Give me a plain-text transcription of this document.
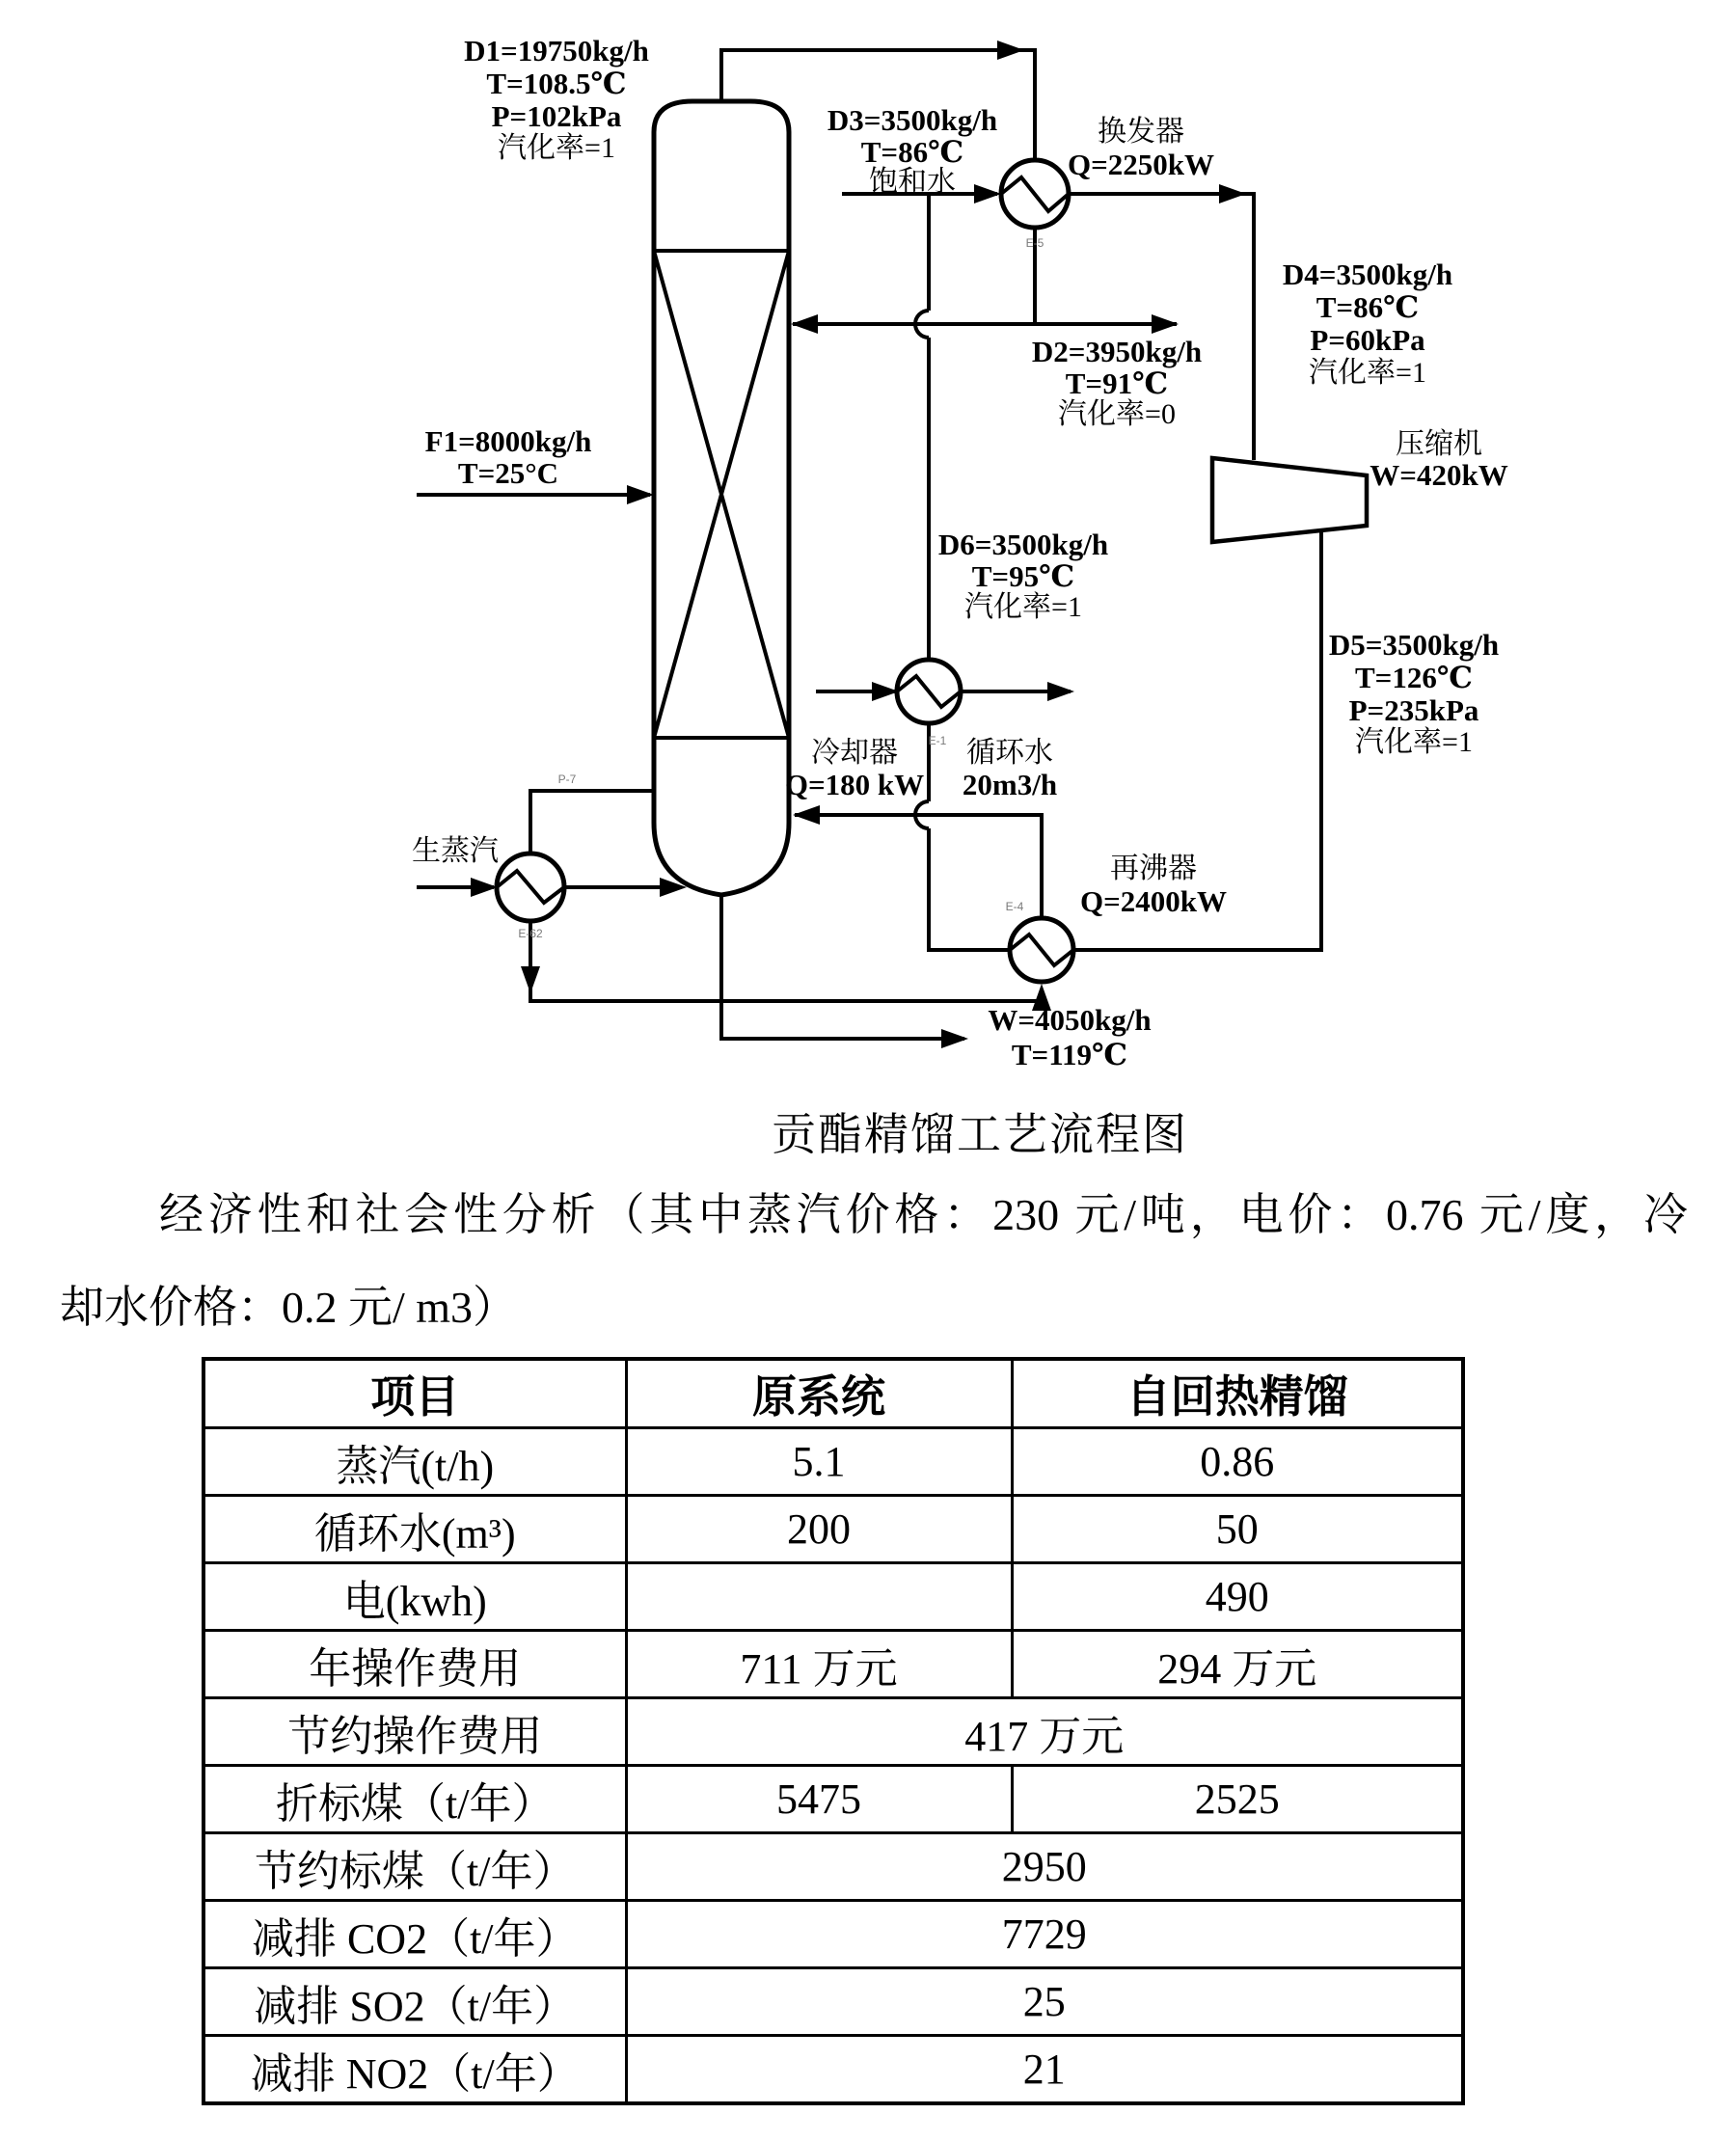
E-5
E-1
E-62
P-7
E-4
D1=19750kg/h
T=108.5℃
P=102kPa
汽化率=1
D3=3500kg/h
T=86℃
饱和水
换发器
Q=2250kW
D4=3500kg/h
T=86℃
P=60kPa
汽化率=1
D2=3950kg/h
T=91℃
汽化率=0
F1=8000kg/h
T=25°C
压缩机
W=420kW
D6=3500kg/h
T=95℃
汽化率=1
D5=3500kg/h
T=126℃
P=235kPa
汽化率=1
冷却器
Q=180 kW
循环水
20m3/h
生蒸汽
再沸器
Q=2400kW
W=4050kg/h
T=119℃
贡酯精馏工艺流程图
经济性和社会性分析（其中蒸汽价格：230 元/吨，电价：0.76 元/度，冷
却水价格：0.2 元/ m3）
项目	原系统	自回热精馏
蒸汽(t/h)	5.1	0.86
循环水(m³)	200	50
电(kwh)		490
年操作费用	711 万元	294 万元
节约操作费用	417 万元	
折标煤（t/年）	5475	2525
节约标煤（t/年）	2950	
减排 CO2（t/年）	7729	
减排 SO2（t/年）	25	
减排 NO2（t/年）	21	
